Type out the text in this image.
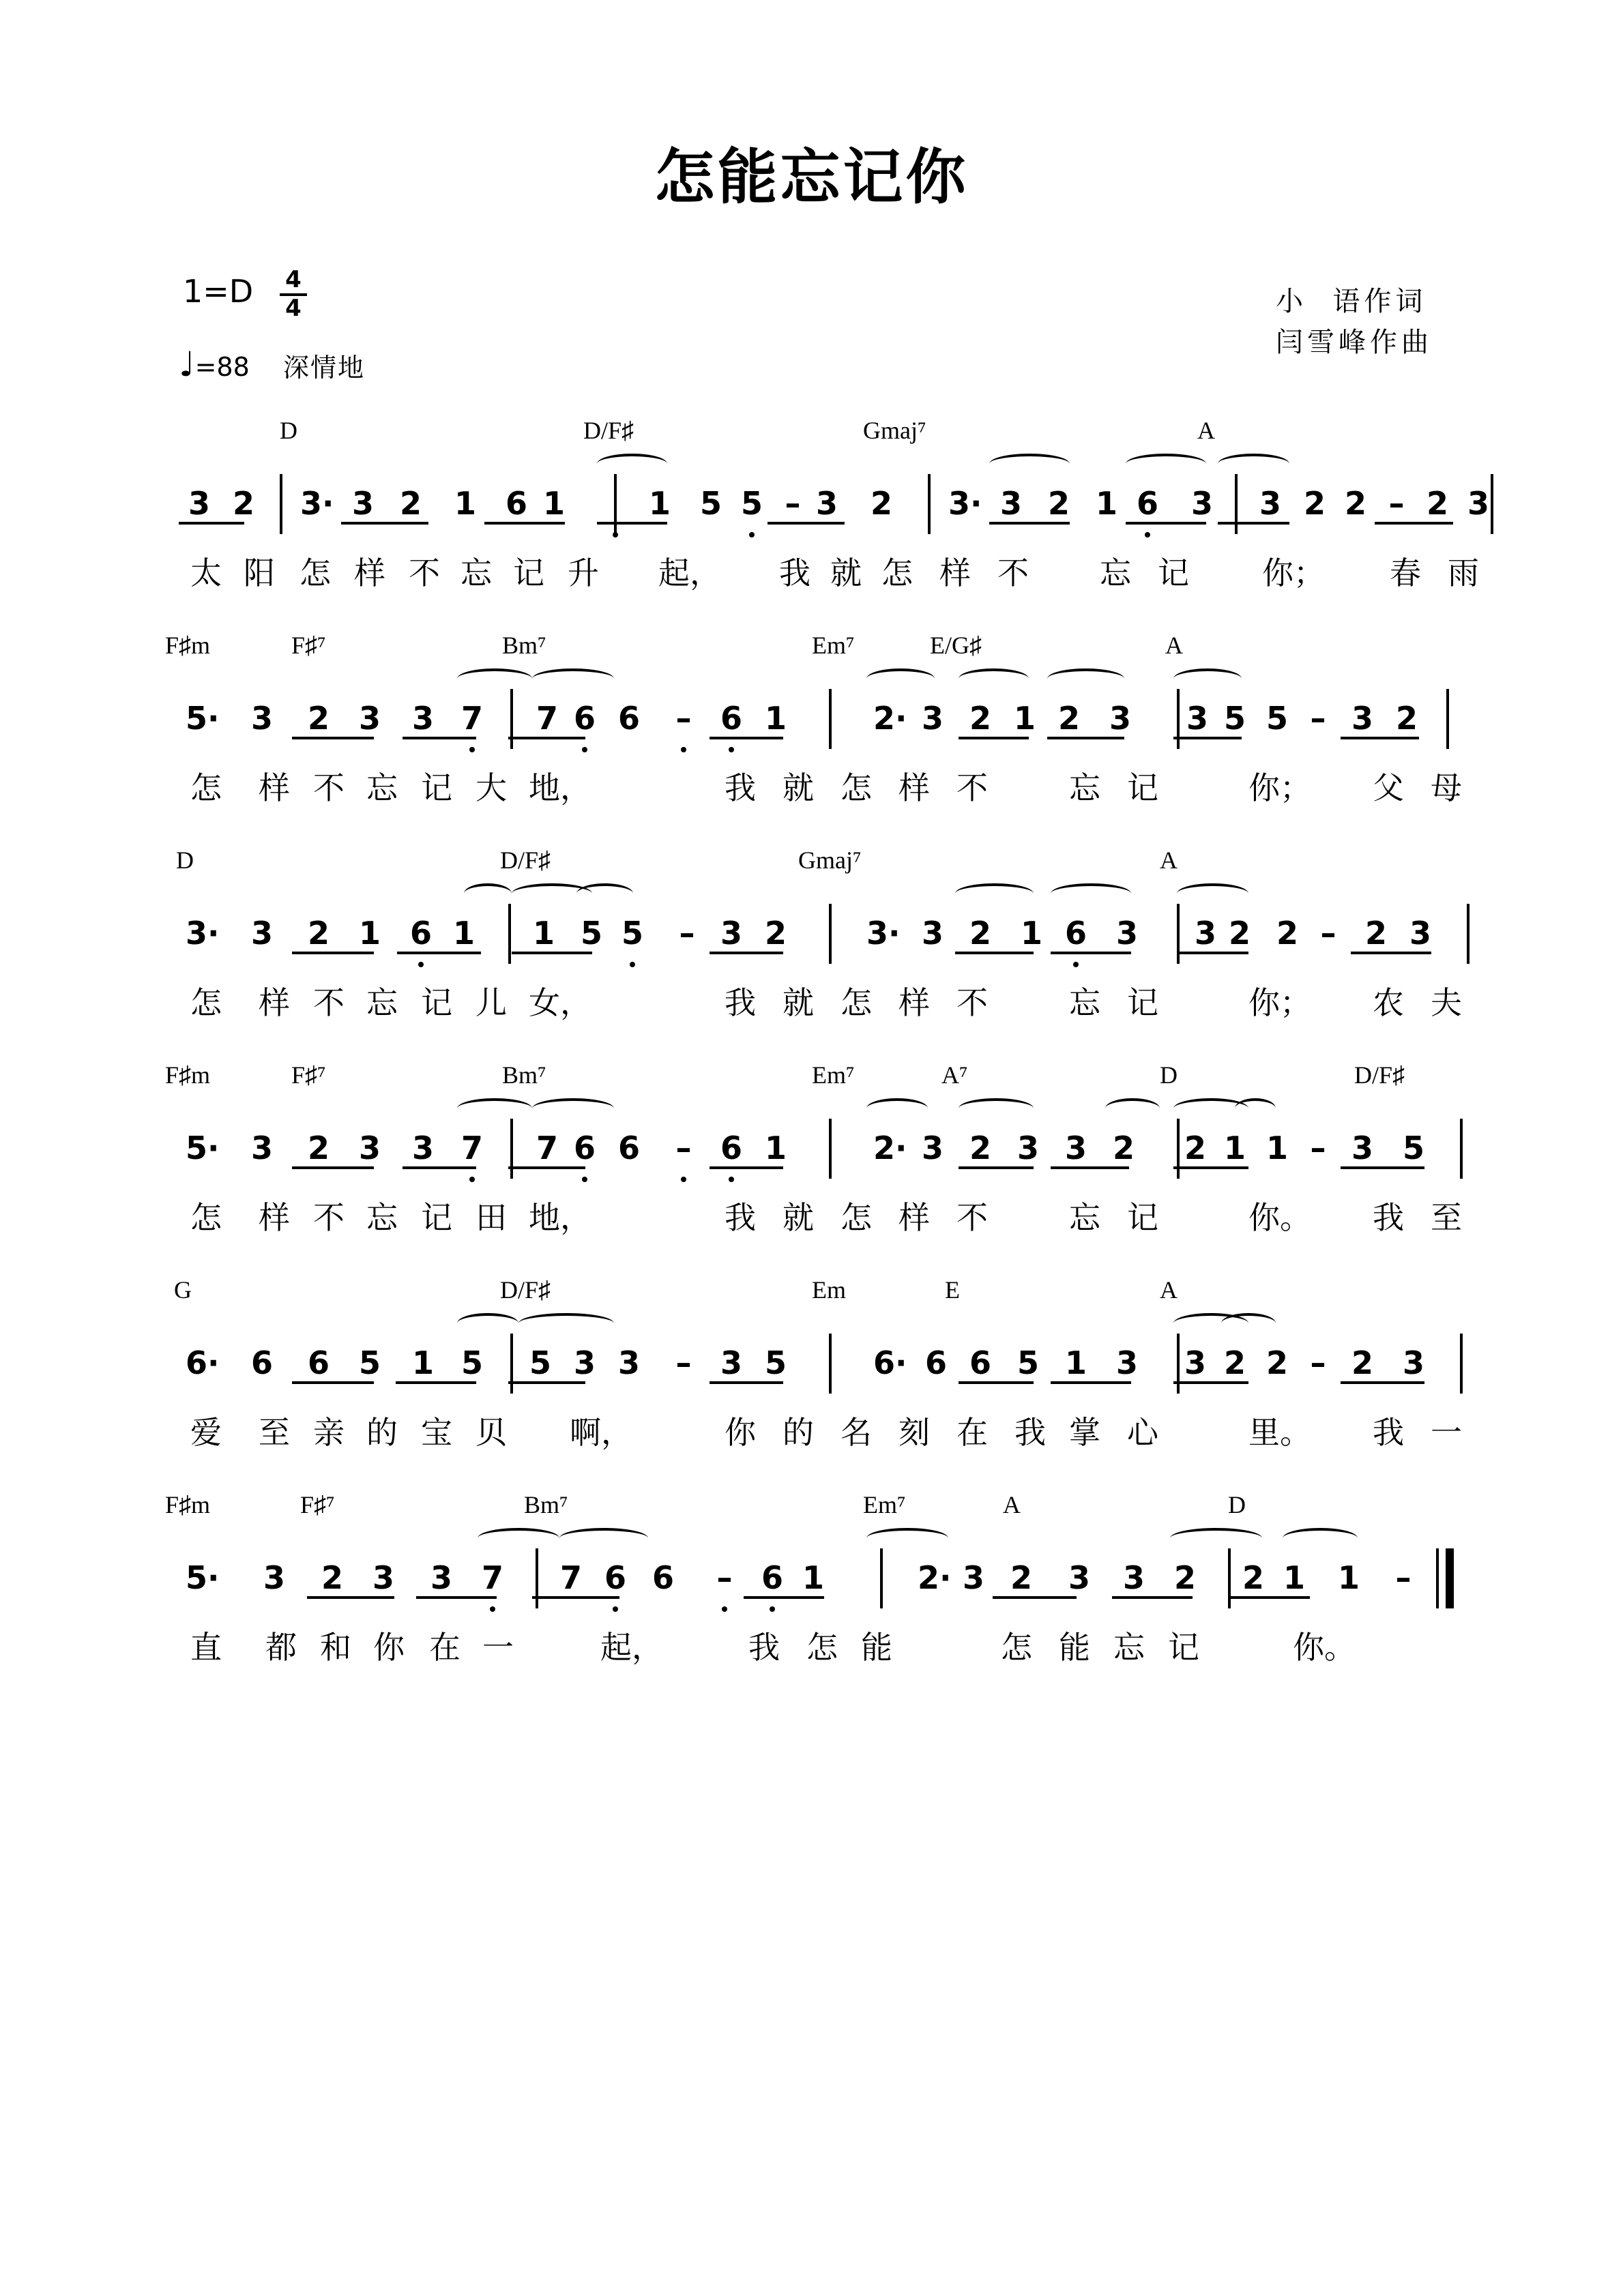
怎能忘记你
1=D 4
4
♩=88 深情地
小  语作词
闫雪峰作曲
D	D/F♯	Gmaj⁷	A
3 2 3· 3 2 1 6 1	1 5 5 – 3 2 3· 3 2 1 6 3 3 2 2 – 2 3
太 阳 怎 样 不 忘 记 升 起， 我 就 怎 样 不 忘 记 你； 春 雨
F♯m	F♯⁷	Bm⁷	Em⁷	E/G♯	A
5· 3 2 3 3 7 7 6 6 – 6 1	2· 3 2 1 2 3 3 5 5 – 3 2
怎 样 不 忘 记 大 地，	我 就 怎 样 不	忘 记	你； 父 母
D	D/F♯	Gmaj⁷	A
3· 3 2 1 6 1 1 5 5 – 3 2	3· 3 2 1 6 3 3 2 2 – 2 3
怎 样 不 忘 记 儿 女，	我 就 怎 样 不	忘 记	你； 农 夫
F♯m	F♯⁷	Bm⁷	Em⁷	A⁷	D	D/F♯
5· 3 2 3 3 7 7 6 6 – 6 1	2· 3 2 3 3 2 2 1 1 – 3 5
怎 样 不 忘 记 田 地，	我 就 怎 样 不	忘 记	你。 我 至
G	D/F♯	Em	E	A
6· 6 6 5 1 5 5 3 3 – 3 5	6· 6 6 5 1 3 3 2 2 – 2 3
爱 至 亲 的 宝 贝 啊，	你 的 名 刻 在 我 掌 心	里。 我 一
F♯m	F♯⁷	Bm⁷	Em⁷	A	D
5· 3 2 3 3 7 7 6 6 – 6 1	2· 3 2 3 3 2 2 1 1 –
直 都 和 你 在 一	起，	我 怎 能	怎 能 忘 记	你。
